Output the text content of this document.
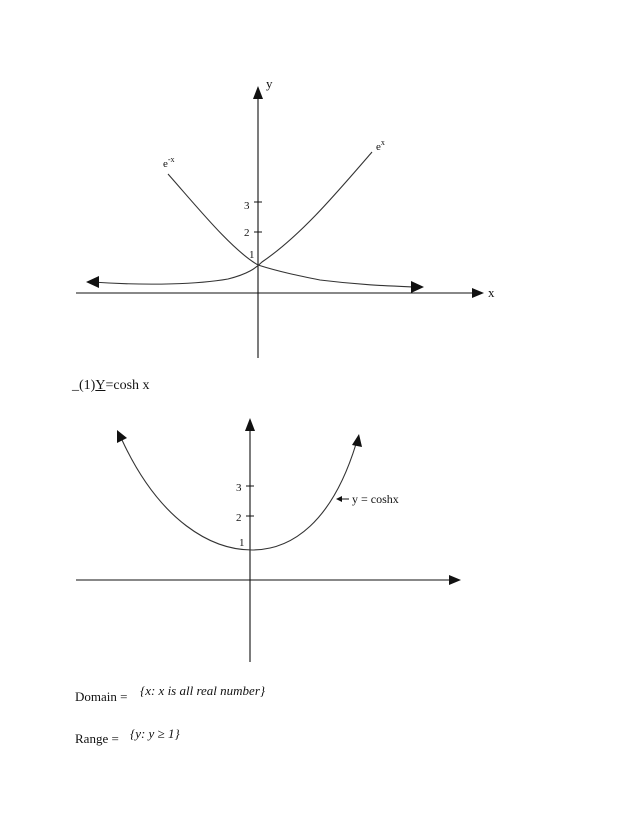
y
x
3
2
1
$e^x$
$e^{-x}$
3
2
1
y = coshx
_(1)Y=cosh x
Domain = {x: x is all real number}
Range = {y: y ≥ 1}
